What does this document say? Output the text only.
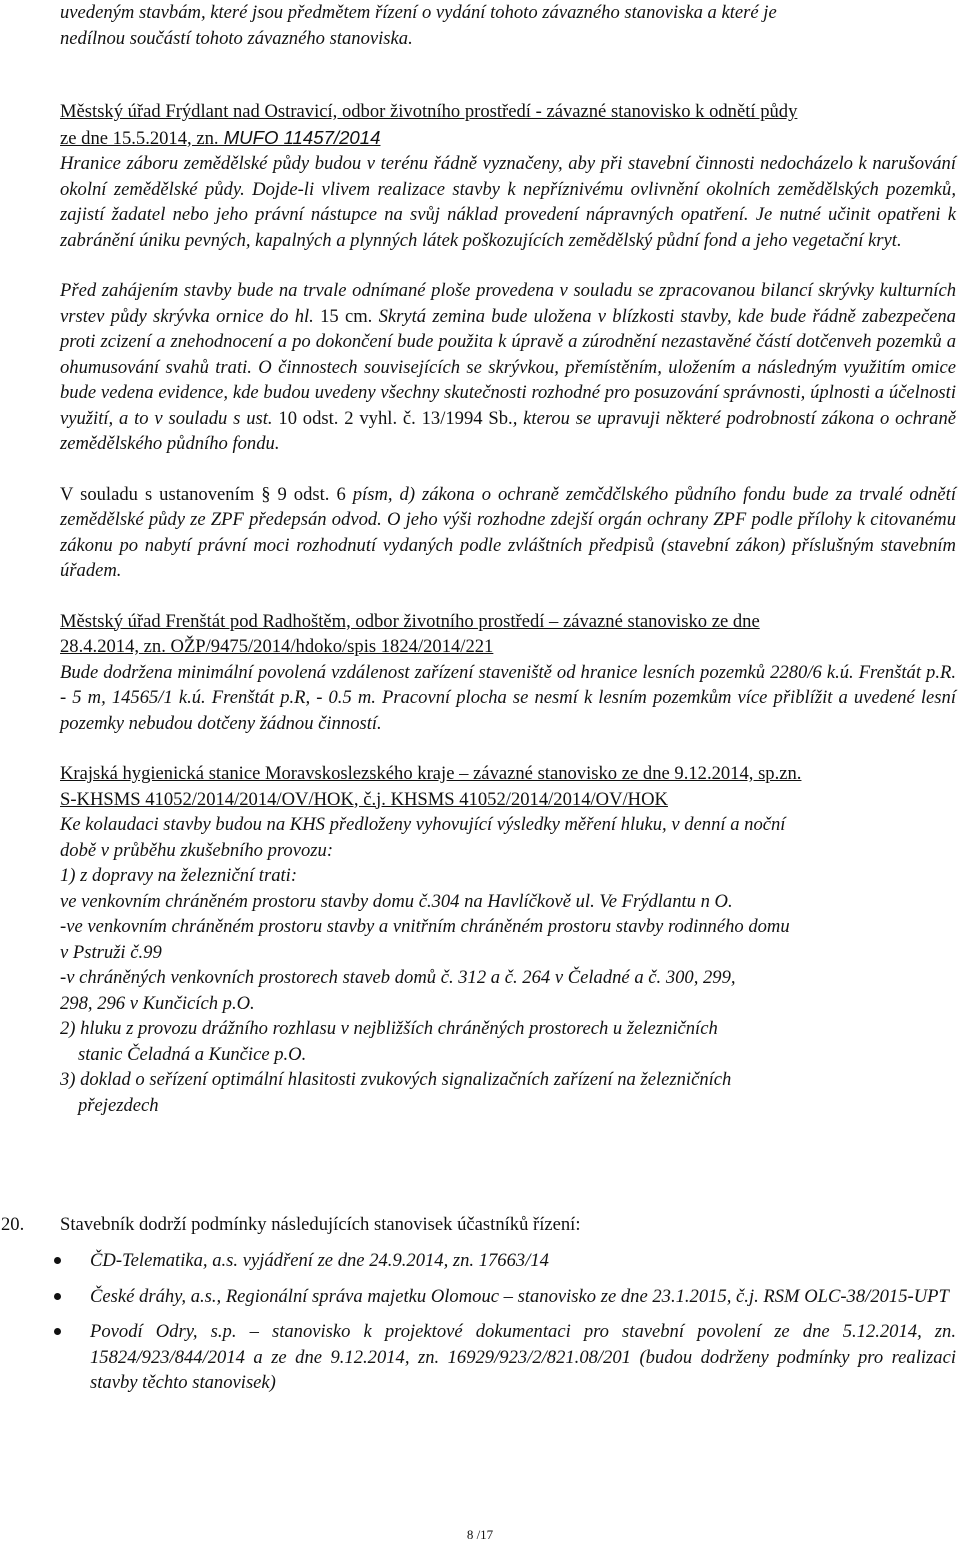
uvedeným stavbám, které jsou předmětem řízení o vydání tohoto závazného stanoviska a které je
nedílnou součástí tohoto závazného stanoviska.

Městský úřad Frýdlant nad Ostravicí, odbor životního prostředí - závazné stanovisko k odnětí půdy
ze dne 15.5.2014, zn. MUFO 11457/2014

Hranice záboru zemědělské půdy budou v terénu řádně vyznačeny, aby při stavební činnosti nedocházelo k narušování okolní zemědělské půdy. Dojde-li vlivem realizace stavby k nepříznivému ovlivnění okolních zemědělských pozemků, zajistí žadatel nebo jeho právní nástupce na svůj náklad provedení nápravných opatření. Je nutné učinit opatřeni k zabránění úniku pevných, kapalných a plynných látek poškozujících zemědělský půdní fond a jeho vegetační kryt.

Před zahájením stavby bude na trvale odnímané ploše provedena v souladu se zpracovanou bilancí skrývky kulturních vrstev půdy skrývka ornice do hl. 15 cm. Skrytá zemina bude uložena v blízkosti stavby, kde bude řádně zabezpečena proti zcizení a znehodnocení a po dokončení bude použita k úpravě a zúrodnění nezastavěné částí dotčenveh pozemků a ohumusování svahů trati. O činnostech souvisejících se skrývkou, přemístěním, uložením a následným využitím omice bude vedena evidence, kde budou uvedeny všechny skutečnosti rozhodné pro posuzování správnosti, úplnosti a účelnosti využití, a to v souladu s ust. 10 odst. 2 vyhl. č. 13/1994 Sb., kterou se upravuji některé podrobností zákona o ochraně zemědělského půdního fondu.

V souladu s ustanovením § 9 odst. 6 písm, d) zákona o ochraně zemčdčlského půdního fondu bude za trvalé odnětí zemědělské půdy ze ZPF předepsán odvod. O jeho výši rozhodne zdejší orgán ochrany ZPF podle přílohy k citovanému zákonu po nabytí právní moci rozhodnutí vydaných podle zvláštních předpisů (stavební zákon) příslušným stavebním úřadem.

Městský úřad Frenštát pod Radhoštěm, odbor životního prostředí – závazné stanovisko ze dne
28.4.2014, zn. OŽP/9475/2014/hdoko/spis 1824/2014/221

Bude dodržena minimální povolená vzdálenost zařízení staveniště od hranice lesních pozemků 2280/6 k.ú. Frenštát p.R. - 5 m, 14565/1 k.ú. Frenštát p.R, - 0.5 m. Pracovní plocha se nesmí k lesním pozemkům více přiblížit a uvedené lesní pozemky nebudou dotčeny žádnou činností.

Krajská hygienická stanice Moravskoslezského kraje – závazné stanovisko ze dne 9.12.2014, sp.zn.
S-KHSMS 41052/2014/2014/OV/HOK, č.j. KHSMS 41052/2014/2014/OV/HOK

Ke kolaudaci stavby budou na KHS předloženy vyhovující výsledky měření hluku, v denní a noční
době v průběhu zkušebního provozu:
1) z dopravy na železniční trati:
ve venkovním chráněném prostoru stavby domu č.304 na Havlíčkově ul. Ve Frýdlantu n O.
-ve venkovním chráněném prostoru stavby a vnitřním chráněném prostoru stavby rodinného domu
v Pstruži č.99
-v chráněných venkovních prostorech staveb domů č. 312 a č. 264 v Čeladné a č. 300, 299,
298, 296 v Kunčicích p.O.
2) hluku z provozu drážního rozhlasu v nejbližších chráněných prostorech u železničních
stanic Čeladná a Kunčice p.O.
3) doklad o seřízení optimální hlasitosti zvukových signalizačních zařízení na železničních
přejezdech
20. Stavebník dodrží podmínky následujících stanovisek účastníků řízení:
ČD-Telematika, a.s. vyjádření ze dne 24.9.2014, zn. 17663/14
České dráhy, a.s., Regionální správa majetku Olomouc – stanovisko ze dne 23.1.2015, č.j. RSM OLC-38/2015-UPT
Povodí Odry, s.p. – stanovisko k projektové dokumentaci pro stavební povolení ze dne 5.12.2014, zn. 15824/923/844/2014 a ze dne 9.12.2014, zn. 16929/923/2/821.08/201 (budou dodrženy podmínky pro realizaci stavby těchto stanovisek)
8 /17
